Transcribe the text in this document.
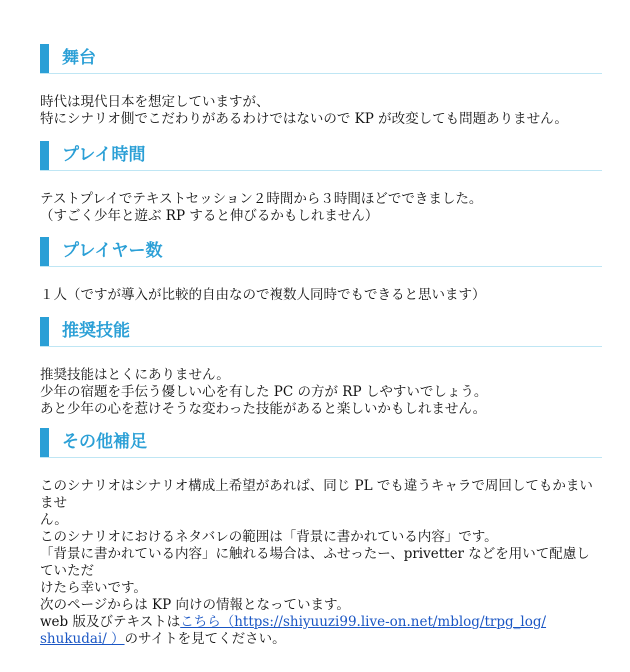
舞台

時代は現代日本を想定していますが、

特にシナリオ側でこだわりがあるわけではないので KP が改変しても問題ありません。

プレイ時間

テストプレイでテキストセッション２時間から３時間ほどでできました。

（すごく少年と遊ぶ RP すると伸びるかもしれません）

プレイヤー数

１人（ですが導入が比較的自由なので複数人同時でもできると思います）

推奨技能

推奨技能はとくにありません。

少年の宿題を手伝う優しい心を有した PC の方が RP しやすいでしょう。

あと少年の心を惹けそうな変わった技能があると楽しいかもしれません。

その他補足

このシナリオはシナリオ構成上希望があれば、同じ PL でも違うキャラで周回してもかまいませ

ん。

このシナリオにおけるネタバレの範囲は「背景に書かれている内容」です。

「背景に書かれている内容」に触れる場合は、ふせったー、privetter などを用いて配慮していただ

けたら幸いです。

次のページからは KP 向けの情報となっています。

web 版及びテキストはこちら（https://shiyuuzi99.live-on.net/mblog/trpg_log/

shukudai/ ）のサイトを見てください。
